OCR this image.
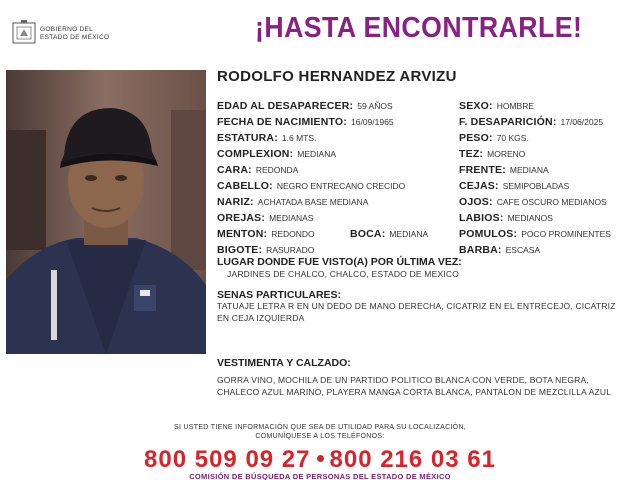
GOBIERNO DEL
ESTADO DE MÉXICO	¡HASTA ENCONTRARLE!
RODOLFO HERNANDEZ ARVIZU
EDAD AL DESAPARECER: 59 AÑOS
FECHA DE NACIMIENTO: 16/09/1965
ESTATURA: 1.6 MTS.
COMPLEXION: MEDIANA
CARA: REDONDA
CABELLO: NEGRO ENTRECANO CRECIDO
NARIZ: ACHATADA BASE MEDIANA
OREJAS: MEDIANAS
MENTON: REDONDO	BOCA: MEDIANA
BIGOTE: RASURADO
SEXO: HOMBRE
F. DESAPARICIÓN: 17/06/2025
PESO: 70 KGS.
TEZ: MORENO
FRENTE: MEDIANA
CEJAS: SEMIPOBLADAS
OJOS: CAFE OSCURO MEDIANOS
LABIOS: MEDIANOS
POMULOS: POCO PROMINENTES
BARBA: ESCASA
LUGAR DONDE FUE VISTO(A) POR ÚLTIMA VEZ:
JARDINES DE CHALCO, CHALCO, ESTADO DE MEXICO
SENAS PARTICULARES:
TATUAJE LETRA R EN UN DEDO DE MANO DERECHA, CICATRIZ EN EL ENTRECEJO, CICATRIZ EN CEJA IZQUIERDA
VESTIMENTA Y CALZADO:
GORRA VINO, MOCHILA DE UN PARTIDO POLITICO BLANCA CON VERDE, BOTA NEGRA, CHALECO AZUL MARINO, PLAYERA MANGA CORTA BLANCA, PANTALON DE MEZCLILLA AZUL
SI USTED TIENE INFORMACIÓN QUE SEA DE UTILIDAD PARA SU LOCALIZACIÓN,
COMUNÍQUESE A LOS TELÉFONOS:
800 509 09 27 800 216 03 61
COMISIÓN DE BÚSQUEDA DE PERSONAS DEL ESTADO DE MÉXICO
